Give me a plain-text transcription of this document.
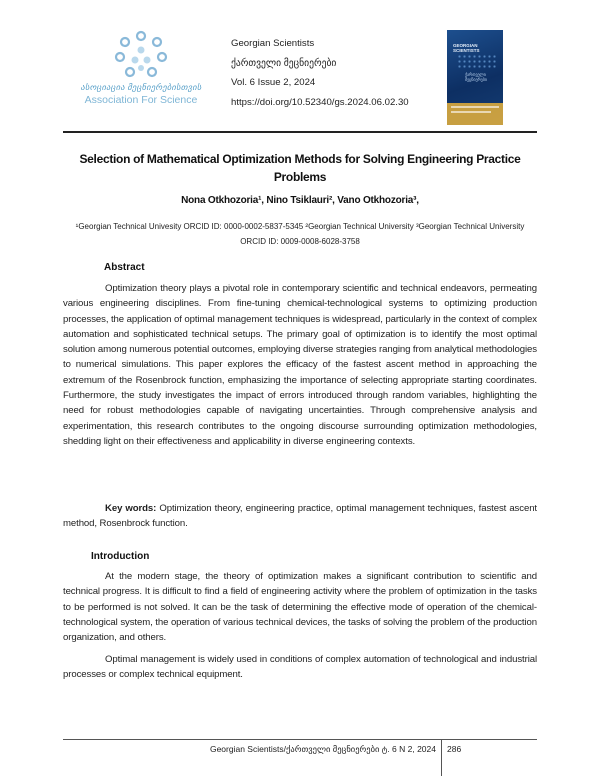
ასოციაცია მეცნიერებისთვის
Association For Science
Georgian Scientists
ქართველი მეცნიერები
Vol. 6 Issue 2, 2024
https://doi.org/10.52340/gs.2024.06.02.30
GEORGIAN SCIENTISTS
ქართველი მეცნიერები
Selection of Mathematical Optimization Methods for Solving Engineering Practice Problems
Nona Otkhozoria¹, Nino Tsiklauri², Vano Otkhozoria³,
¹Georgian Technical Univesity ORCID ID: 0000-0002-5837-5345 ²Georgian Technical University ³Georgian Technical University ORCID ID: 0009-0008-6028-3758
Abstract
Optimization theory plays a pivotal role in contemporary scientific and technical endeavors, permeating various engineering disciplines. From fine-tuning chemical-technological systems to optimizing production processes, the application of optimal management techniques is widespread, particularly in the context of complex automation and sophisticated technical setups. The primary goal of optimization is to identify the most optimal solution among numerous potential outcomes, employing diverse strategies ranging from analytical methodologies to numerical simulations. This paper explores the efficacy of the fastest ascent method in approaching the extremum of the Rosenbrock function, emphasizing the importance of selecting appropriate starting coordinates. Furthermore, the study investigates the impact of errors introduced through random variables, highlighting the need for robust methodologies capable of navigating uncertainties. Through comprehensive analysis and experimentation, this research contributes to the ongoing discourse surrounding optimization methodologies, shedding light on their effectiveness and applicability in diverse engineering contexts.
Key words: Optimization theory, engineering practice, optimal management techniques, fastest ascent method, Rosenbrock function.
Introduction
At the modern stage, the theory of optimization makes a significant contribution to scientific and technical progress. It is difficult to find a field of engineering activity where the problem of optimization in the tasks to be performed is not solved. It can be the task of determining the effective mode of operation of the chemical-technological system, the operation of various technical devices, the tasks of solving the problem of the production organization, and others.
Optimal management is widely used in conditions of complex automation of technological and industrial processes or complex technical equipment.
Georgian Scientists/ქართველი მეცნიერები ტ. 6 N 2, 2024 286
